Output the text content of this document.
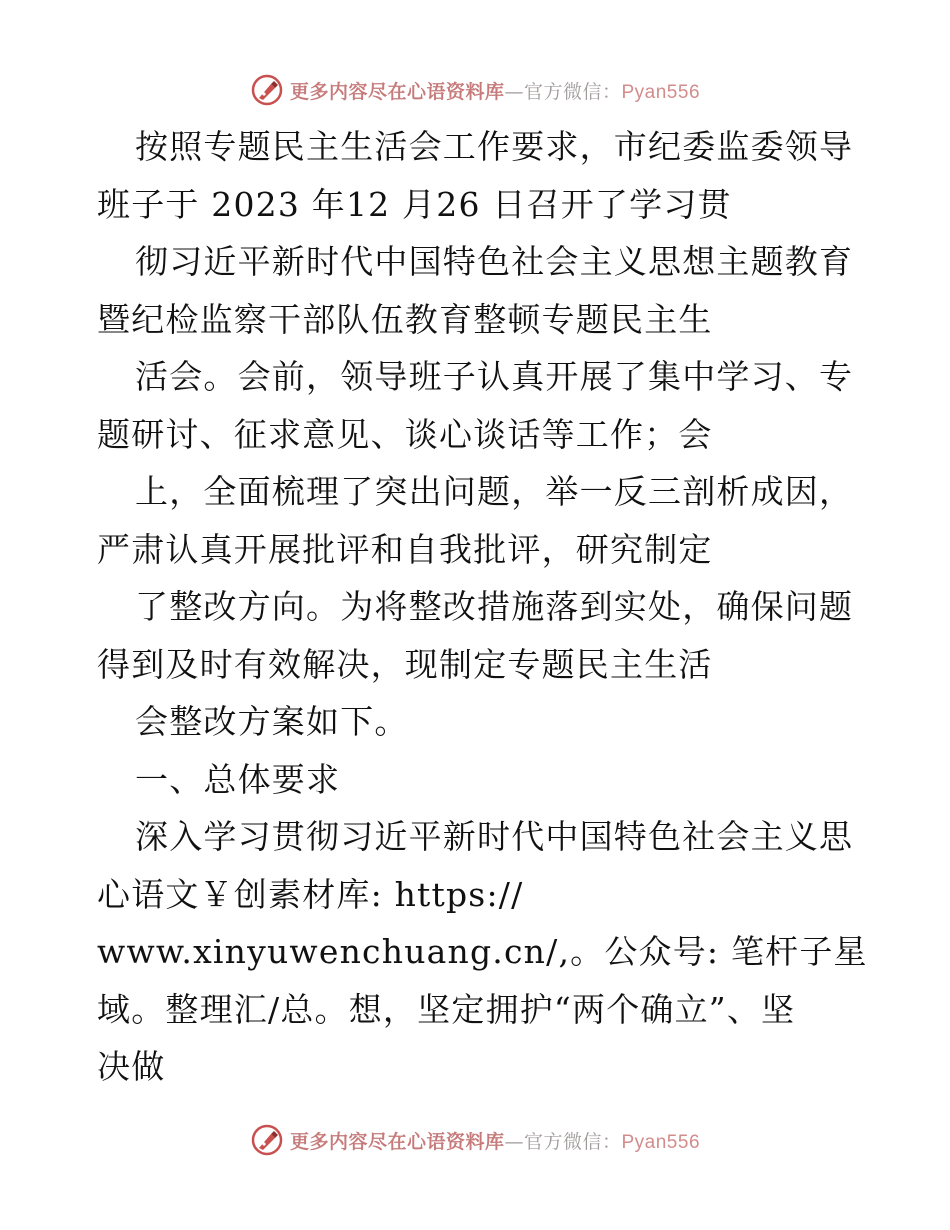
更多内容尽在心语资料库—官方微信：Pyan556
按照专题民主生活会工作要求，市纪委监委领导
班子于 2023 年12 月26 日召开了学习贯
彻习近平新时代中国特色社会主义思想主题教育
暨纪检监察干部队伍教育整顿专题民主生
活会。会前，领导班子认真开展了集中学习、专
题研讨、征求意见、谈心谈话等工作；会
上，全面梳理了突出问题，举一反三剖析成因，
严肃认真开展批评和自我批评，研究制定
了整改方向。为将整改措施落到实处，确保问题
得到及时有效解决，现制定专题民主生活
会整改方案如下。
一、总体要求
深入学习贯彻习近平新时代中国特色社会主义思
心语文￥创素材库: https://
www.xinyuwenchuang.cn/,。公众号: 笔杆子星
域。整理汇/总。想，坚定拥护“两个确立”、坚
决做
更多内容尽在心语资料库—官方微信：Pyan556
